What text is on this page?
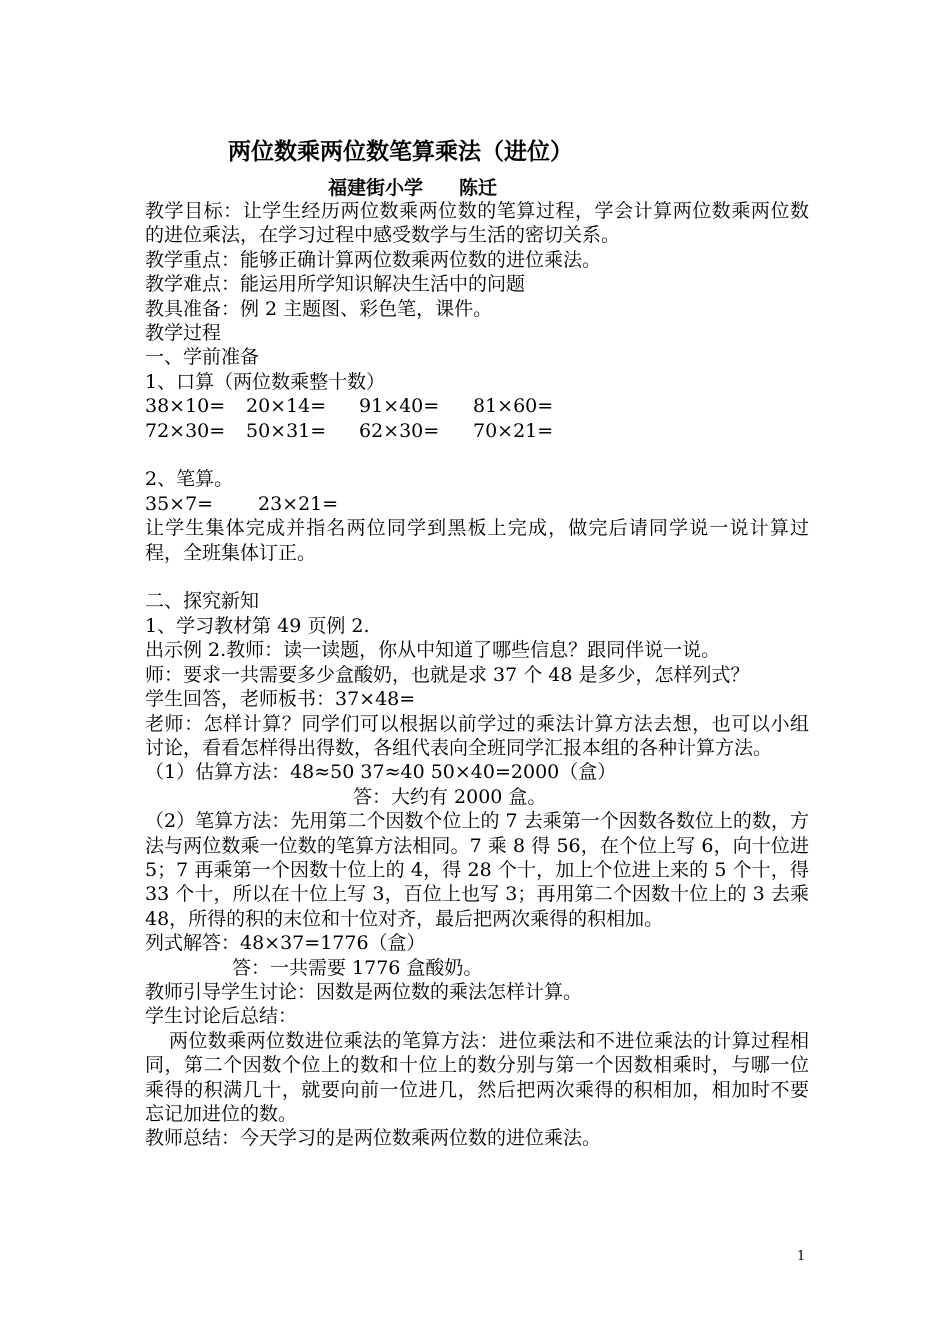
两位数乘两位数笔算乘法（进位）
福建街小学 陈迁

教学目标：让学生经历两位数乘两位数的笔算过程，学会计算两位数乘两位数的进位乘法，在学习过程中感受数学与生活的密切关系。

教学重点：能够正确计算两位数乘两位数的进位乘法。

教学难点：能运用所学知识解决生活中的问题

教具准备：例 2 主题图、彩色笔，课件。

教学过程

一、学前准备

1、口算（两位数乘整十数）

38×10=	20×14=	91×40=	81×60=
72×30=	50×31=	62×30=	70×21=

2、笔算。

35×7=	23×21=

让学生集体完成并指名两位同学到黑板上完成，做完后请同学说一说计算过程，全班集体订正。

二、探究新知

1、学习教材第 49 页例 2.

出示例 2.教师：读一读题，你从中知道了哪些信息？跟同伴说一说。

师：要求一共需要多少盒酸奶，也就是求 37 个 48 是多少，怎样列式？

学生回答，老师板书：37×48=

老师：怎样计算？同学们可以根据以前学过的乘法计算方法去想，也可以小组讨论，看看怎样得出得数，各组代表向全班同学汇报本组的各种计算方法。

（1）估算方法：48≈50 37≈40 50×40=2000（盒）

答：大约有 2000 盒。

（2）笔算方法：先用第二个因数个位上的 7 去乘第一个因数各数位上的数，方法与两位数乘一位数的笔算方法相同。7 乘 8 得 56，在个位上写 6，向十位进 5；7 再乘第一个因数十位上的 4，得 28 个十，加上个位进上来的 5 个十，得 33 个十，所以在十位上写 3，百位上也写 3；再用第二个因数十位上的 3 去乘 48，所得的积的末位和十位对齐，最后把两次乘得的积相加。

列式解答：48×37=1776（盒）

答：一共需要 1776 盒酸奶。

教师引导学生讨论：因数是两位数的乘法怎样计算。

学生讨论后总结：

两位数乘两位数进位乘法的笔算方法：进位乘法和不进位乘法的计算过程相同，第二个因数个位上的数和十位上的数分别与第一个因数相乘时，与哪一位乘得的积满几十，就要向前一位进几，然后把两次乘得的积相加，相加时不要忘记加进位的数。

教师总结：今天学习的是两位数乘两位数的进位乘法。

1
